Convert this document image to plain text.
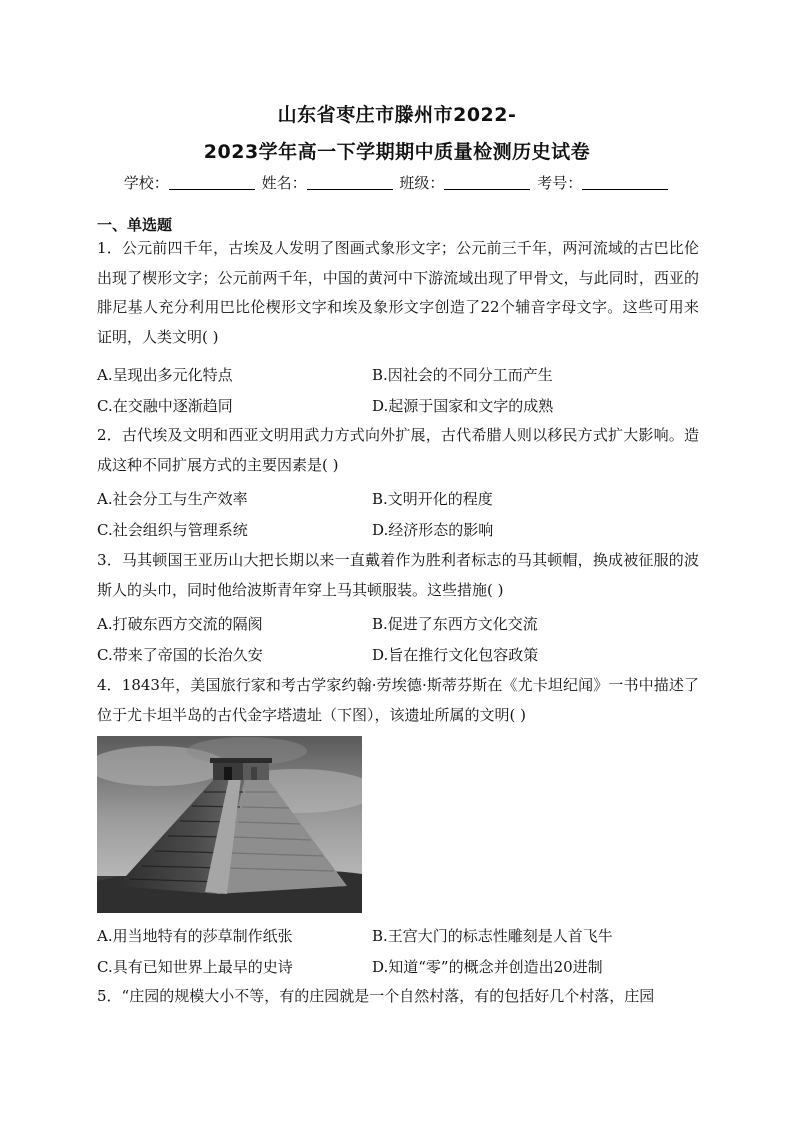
山东省枣庄市滕州市2022-
2023学年高一下学期期中质量检测历史试卷
学校：	姓名：	班级：	考号：
一、单选题
1．公元前四千年，古埃及人发明了图画式象形文字；公元前三千年，两河流域的古巴比伦出现了楔形文字；公元前两千年，中国的黄河中下游流域出现了甲骨文，与此同时，西亚的腓尼基人充分利用巴比伦楔形文字和埃及象形文字创造了22个辅音字母文字。这些可用来证明，人类文明( )
A.呈现出多元化特点	B.因社会的不同分工而产生
C.在交融中逐渐趋同	D.起源于国家和文字的成熟
2．古代埃及文明和西亚文明用武力方式向外扩展，古代希腊人则以移民方式扩大影响。造成这种不同扩展方式的主要因素是( )
A.社会分工与生产效率	B.文明开化的程度
C.社会组织与管理系统	D.经济形态的影响
3．马其顿国王亚历山大把长期以来一直戴着作为胜利者标志的马其顿帽，换成被征服的波斯人的头巾，同时他给波斯青年穿上马其顿服装。这些措施( )
A.打破东西方交流的隔阂	B.促进了东西方文化交流
C.带来了帝国的长治久安	D.旨在推行文化包容政策
4．1843年，美国旅行家和考古学家约翰·劳埃德·斯蒂芬斯在《尤卡坦纪闻》一书中描述了位于尤卡坦半岛的古代金字塔遗址（下图），该遗址所属的文明( )
A.用当地特有的莎草制作纸张	B.王宫大门的标志性雕刻是人首飞牛
C.具有已知世界上最早的史诗	D.知道“零”的概念并创造出20进制
5．“庄园的规模大小不等，有的庄园就是一个自然村落，有的包括好几个村落，庄园
